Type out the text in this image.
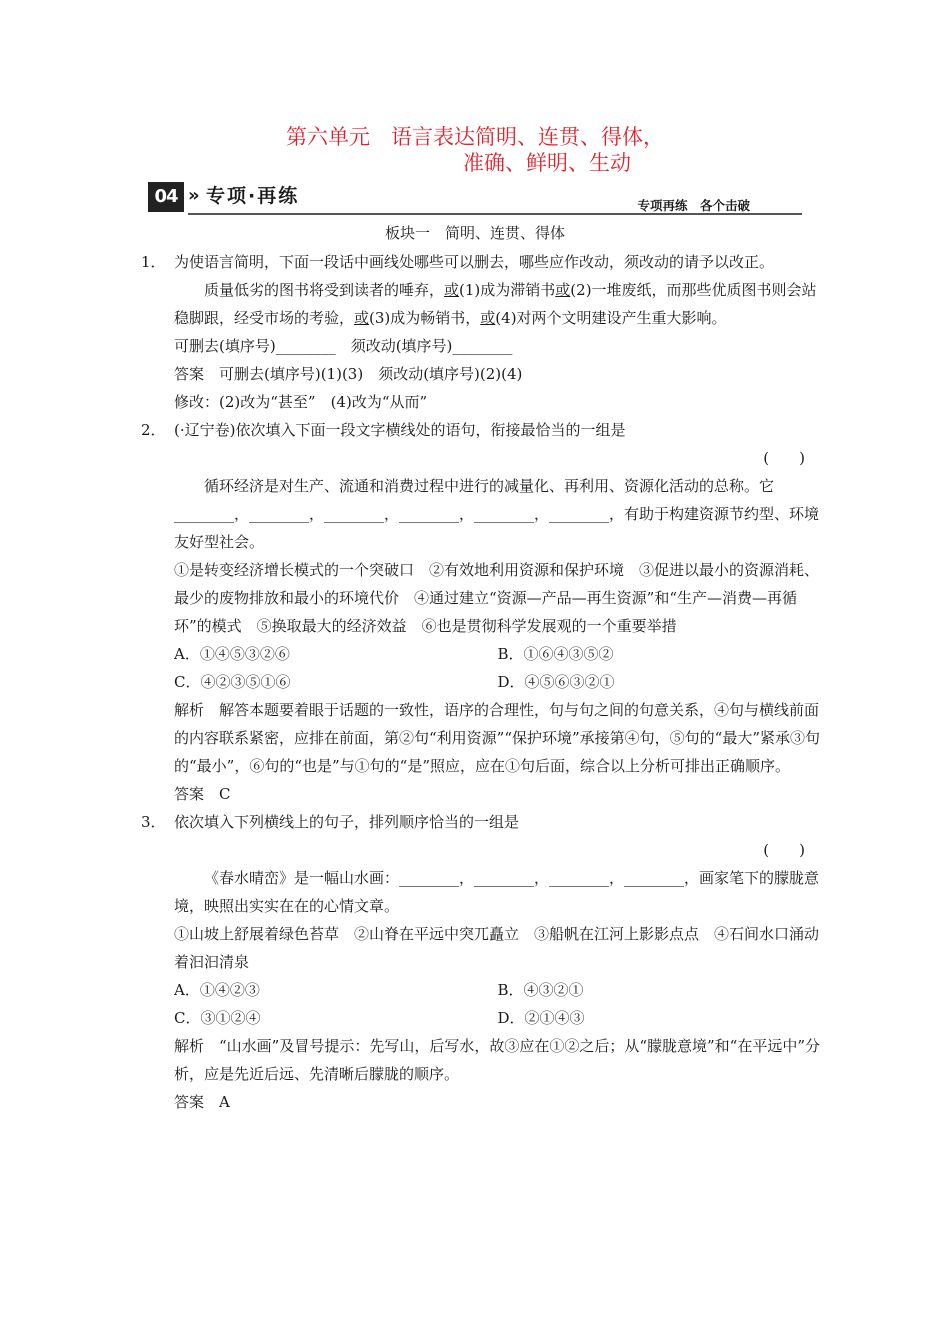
第六单元　语言表达简明、连贯、得体，
准确、鲜明、生动
04 » 专项·再练	专项再练　各个击破
板块一　简明、连贯、得体
1． 为使语言简明，下面一段话中画线处哪些可以删去，哪些应作改动，须改动的请予以改正。

质量低劣的图书将受到读者的唾弃，或(1)成为滞销书或(2)一堆废纸，而那些优质图书则会站稳脚跟，经受市场的考验，或(3)成为畅销书，或(4)对两个文明建设产生重大影响。

可删去(填序号)________　须改动(填序号)________

答案　可删去(填序号)(1)(3)　须改动(填序号)(2)(4)

修改：(2)改为“甚至”　(4)改为“从而”

2． (·辽宁卷)依次填入下面一段文字横线处的语句，衔接最恰当的一组是

(　　)

循环经济是对生产、流通和消费过程中进行的减量化、再利用、资源化活动的总称。它________，________，________，________，________，________，有助于构建资源节约型、环境友好型社会。

①是转变经济增长模式的一个突破口　②有效地利用资源和保护环境　③促进以最小的资源消耗、最少的废物排放和最小的环境代价　④通过建立“资源—产品—再生资源”和“生产—消费—再循环”的模式　⑤换取最大的经济效益　⑥也是贯彻科学发展观的一个重要举措

A．①④⑤③②⑥	B．①⑥④③⑤②
C．④②③⑤①⑥	D．④⑤⑥③②①

解析　解答本题要着眼于话题的一致性，语序的合理性，句与句之间的句意关系，④句与横线前面的内容联系紧密，应排在前面，第②句“利用资源”“保护环境”承接第④句，⑤句的“最大”紧承③句的“最小”，⑥句的“也是”与①句的“是”照应，应在①句后面，综合以上分析可排出正确顺序。

答案　C

3． 依次填入下列横线上的句子，排列顺序恰当的一组是

(　　)

《春水晴峦》是一幅山水画：________，________，________，________，画家笔下的朦胧意境，映照出实实在在的心情文章。

①山坡上舒展着绿色苔草　②山脊在平远中突兀矗立　③船帆在江河上影影点点　④石间水口涌动着汩汩清泉

A．①④②③	B．④③②①
C．③①②④	D．②①④③

解析　“山水画”及冒号提示：先写山，后写水，故③应在①②之后；从“朦胧意境”和“在平远中”分析，应是先近后远、先清晰后朦胧的顺序。

答案　A
